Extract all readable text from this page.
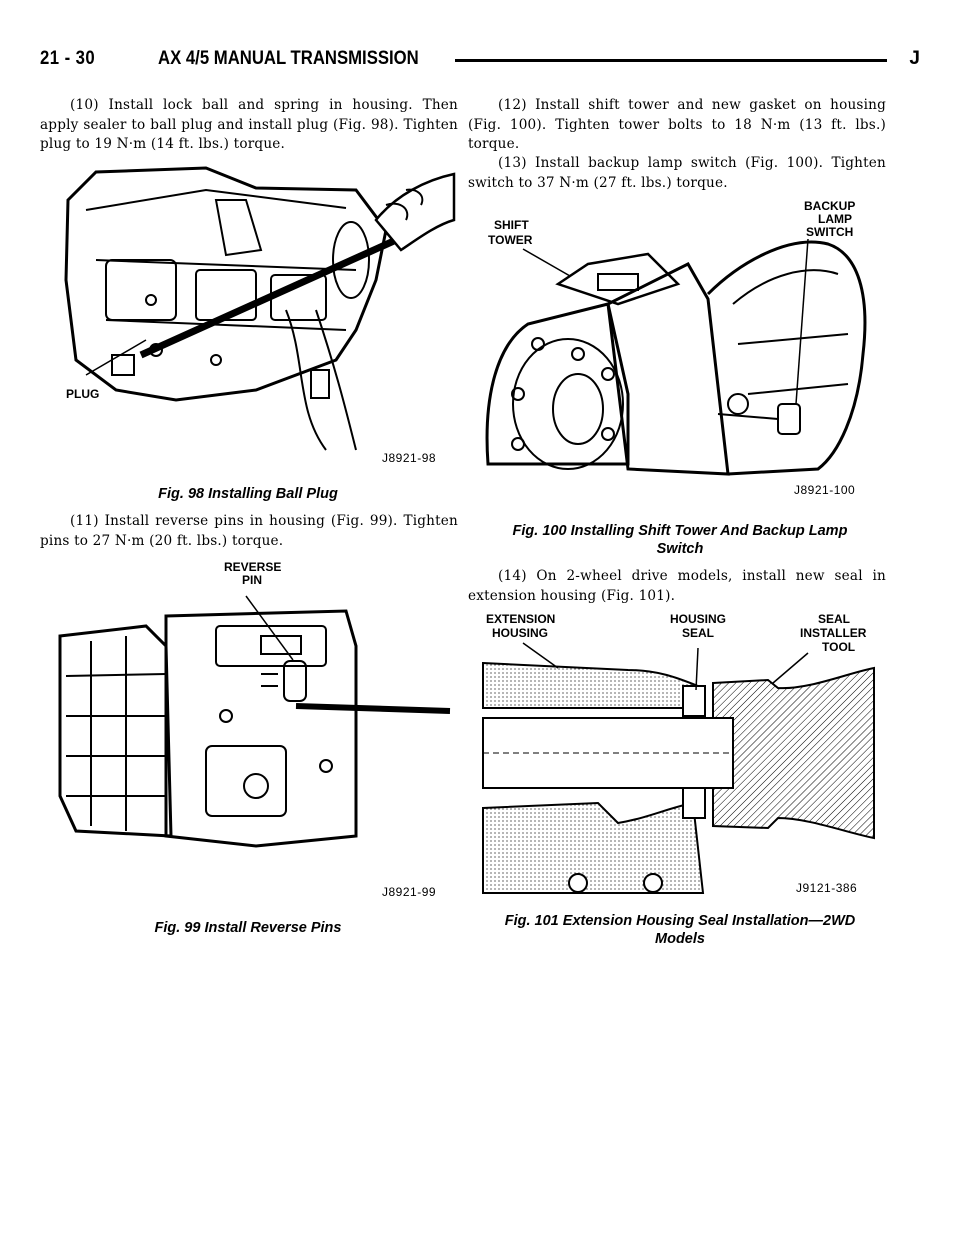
21 - 30	AX 4/5 MANUAL TRANSMISSION	J

(10) Install lock ball and spring in housing. Then apply sealer to ball plug and install plug (Fig. 98). Tighten plug to 19 N·m (14 ft. lbs.) torque.

PLUG
J8921-98
Fig. 98 Installing Ball Plug

(11) Install reverse pins in housing (Fig. 99). Tighten pins to 27 N·m (20 ft. lbs.) torque.

REVERSE
PIN
J8921-99
Fig. 99 Install Reverse Pins

(12) Install shift tower and new gasket on housing (Fig. 100). Tighten tower bolts to 18 N·m (13 ft. lbs.) torque.

(13) Install backup lamp switch (Fig. 100). Tighten switch to 37 N·m (27 ft. lbs.) torque.

SHIFT
TOWER
BACKUP
LAMP
SWITCH
J8921-100
Fig. 100 Installing Shift Tower And Backup Lamp
Switch

(14) On 2-wheel drive models, install new seal in extension housing (Fig. 101).

EXTENSION
HOUSING
HOUSING
SEAL
SEAL
INSTALLER
TOOL
J9121-386
Fig. 101 Extension Housing Seal Installation—2WD
Models
